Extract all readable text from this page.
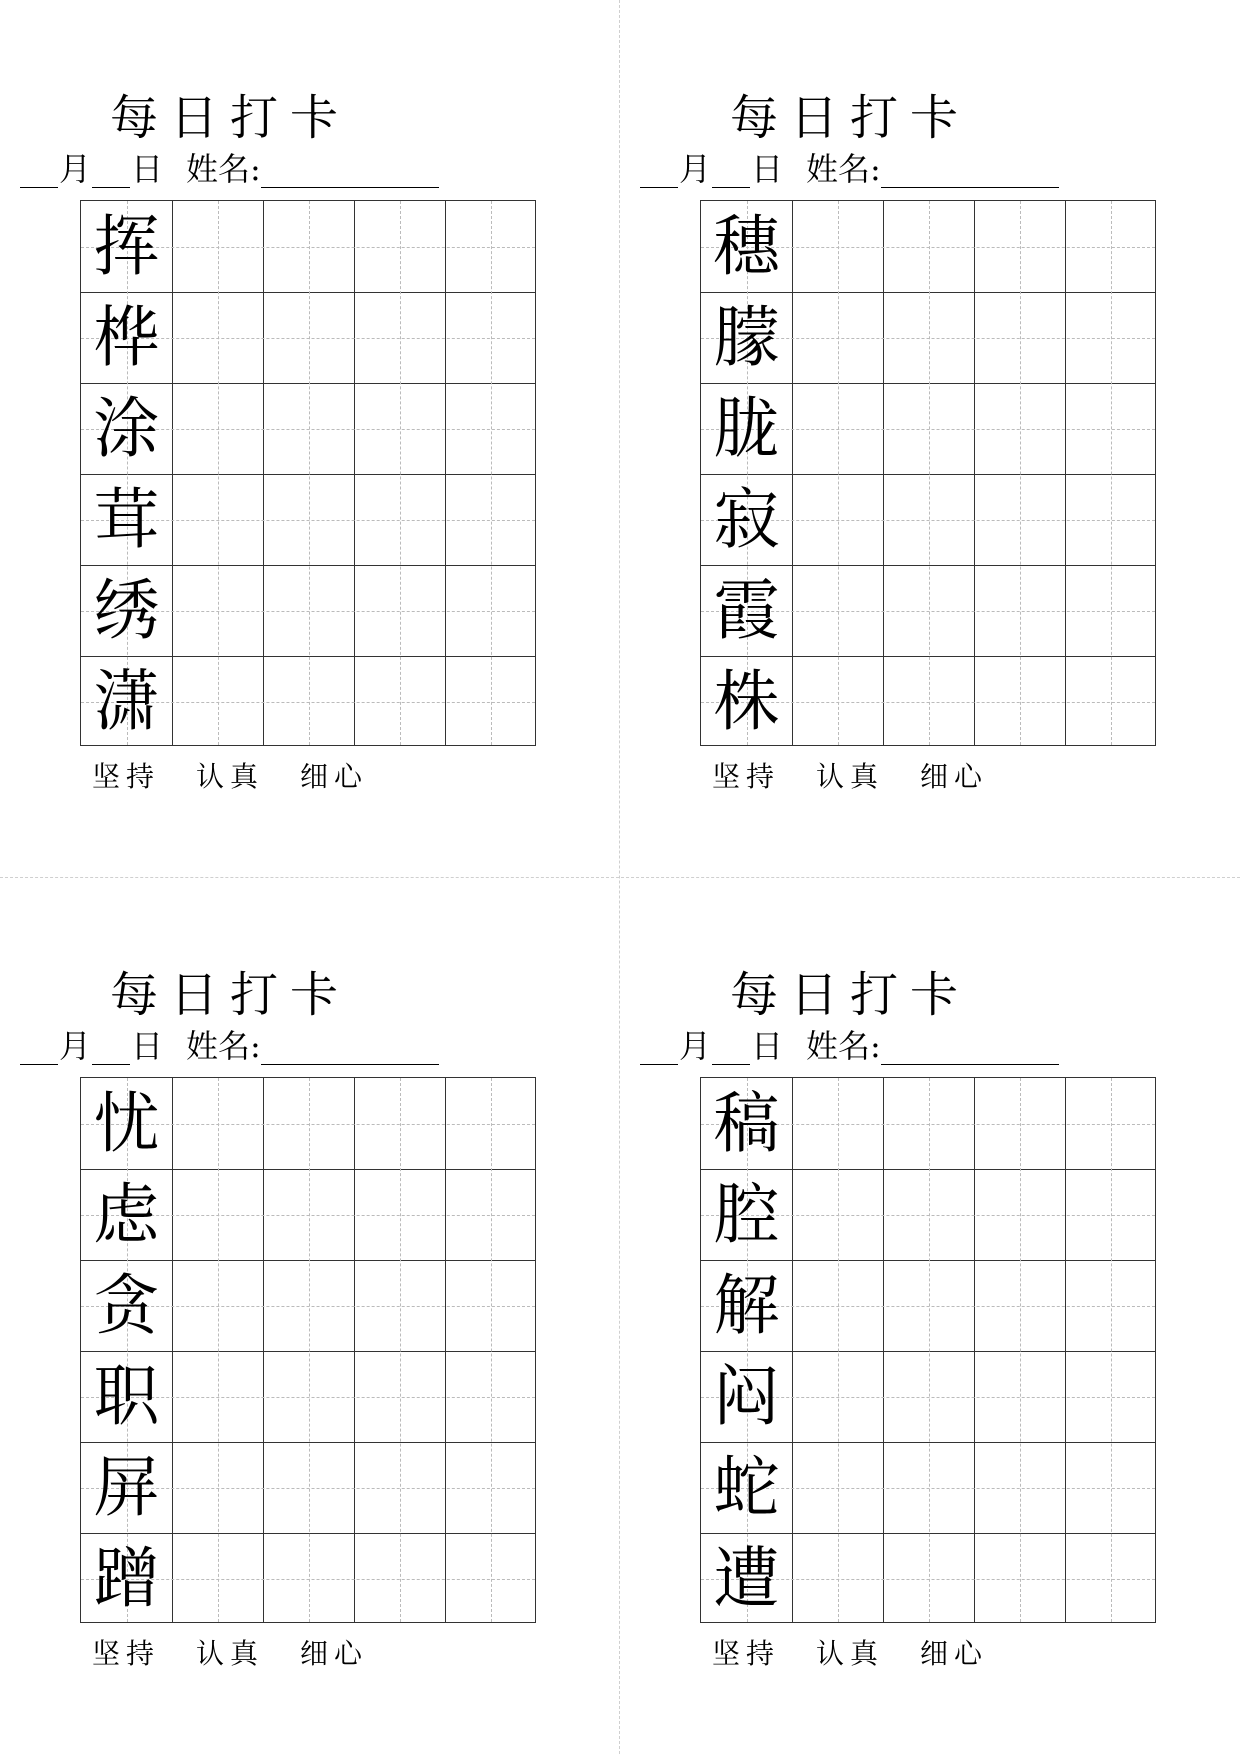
每日打卡
月 日 姓名:
挥
桦
涂
茸
绣
潇
坚持 认真 细心
每日打卡
月 日 姓名:
穗
朦
胧
寂
霞
株
坚持 认真 细心
每日打卡
月 日 姓名:
忧
虑
贪
职
屏
蹭
坚持 认真 细心
每日打卡
月 日 姓名:
稿
腔
解
闷
蛇
遭
坚持 认真 细心
